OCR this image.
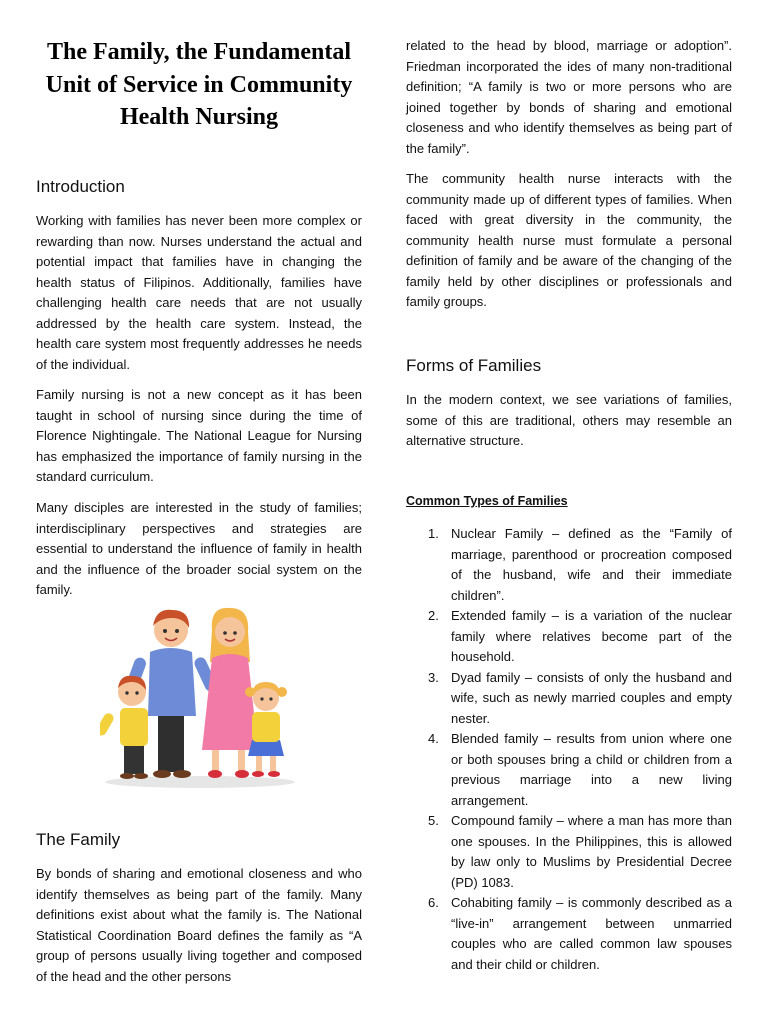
The Family, the Fundamental Unit of Service in Community Health Nursing
Introduction

Working with families has never been more complex or rewarding than now. Nurses understand the actual and potential impact that families have in changing the health status of Filipinos. Additionally, families have challenging health care needs that are not usually addressed by the health care system. Instead, the health care system most frequently addresses he needs of the individual.

Family nursing is not a new concept as it has been taught in school of nursing since during the time of Florence Nightingale. The National League for Nursing has emphasized the importance of family nursing in the standard curriculum.

Many disciples are interested in the study of families; interdisciplinary perspectives and strategies are essential to understand the influence of family in health and the influence of the broader social system on the family.

The Family

By bonds of sharing and emotional closeness and who identify themselves as being part of the family. Many definitions exist about what the family is. The National Statistical Coordination Board defines the family as “A group of persons usually living together and composed of the head and the other persons

related to the head by blood, marriage or adoption”. Friedman incorporated the ides of many non-traditional definition; “A family is two or more persons who are joined together by bonds of sharing and emotional closeness and who identify themselves as being part of the family”.

The community health nurse interacts with the community made up of different types of families. When faced with great diversity in the community, the community health nurse must formulate a personal definition of family and be aware of the changing of the family held by other disciplines or professionals and family groups.

Forms of Families

In the modern context, we see variations of families, some of this are traditional, others may resemble an alternative structure.

Common Types of Families
1. Nuclear Family – defined as the “Family of marriage, parenthood or procreation composed of the husband, wife and their immediate children”.
2. Extended family – is a variation of the nuclear family where relatives become part of the household.
3. Dyad family – consists of only the husband and wife, such as newly married couples and empty nester.
4. Blended family – results from union where one or both spouses bring a child or children from a previous marriage into a new living arrangement.
5. Compound family – where a man has more than one spouses. In the Philippines, this is allowed by law only to Muslims by Presidential Decree (PD) 1083.
6. Cohabiting family – is commonly described as a “live-in” arrangement between unmarried couples who are called common law spouses and their child or children.
